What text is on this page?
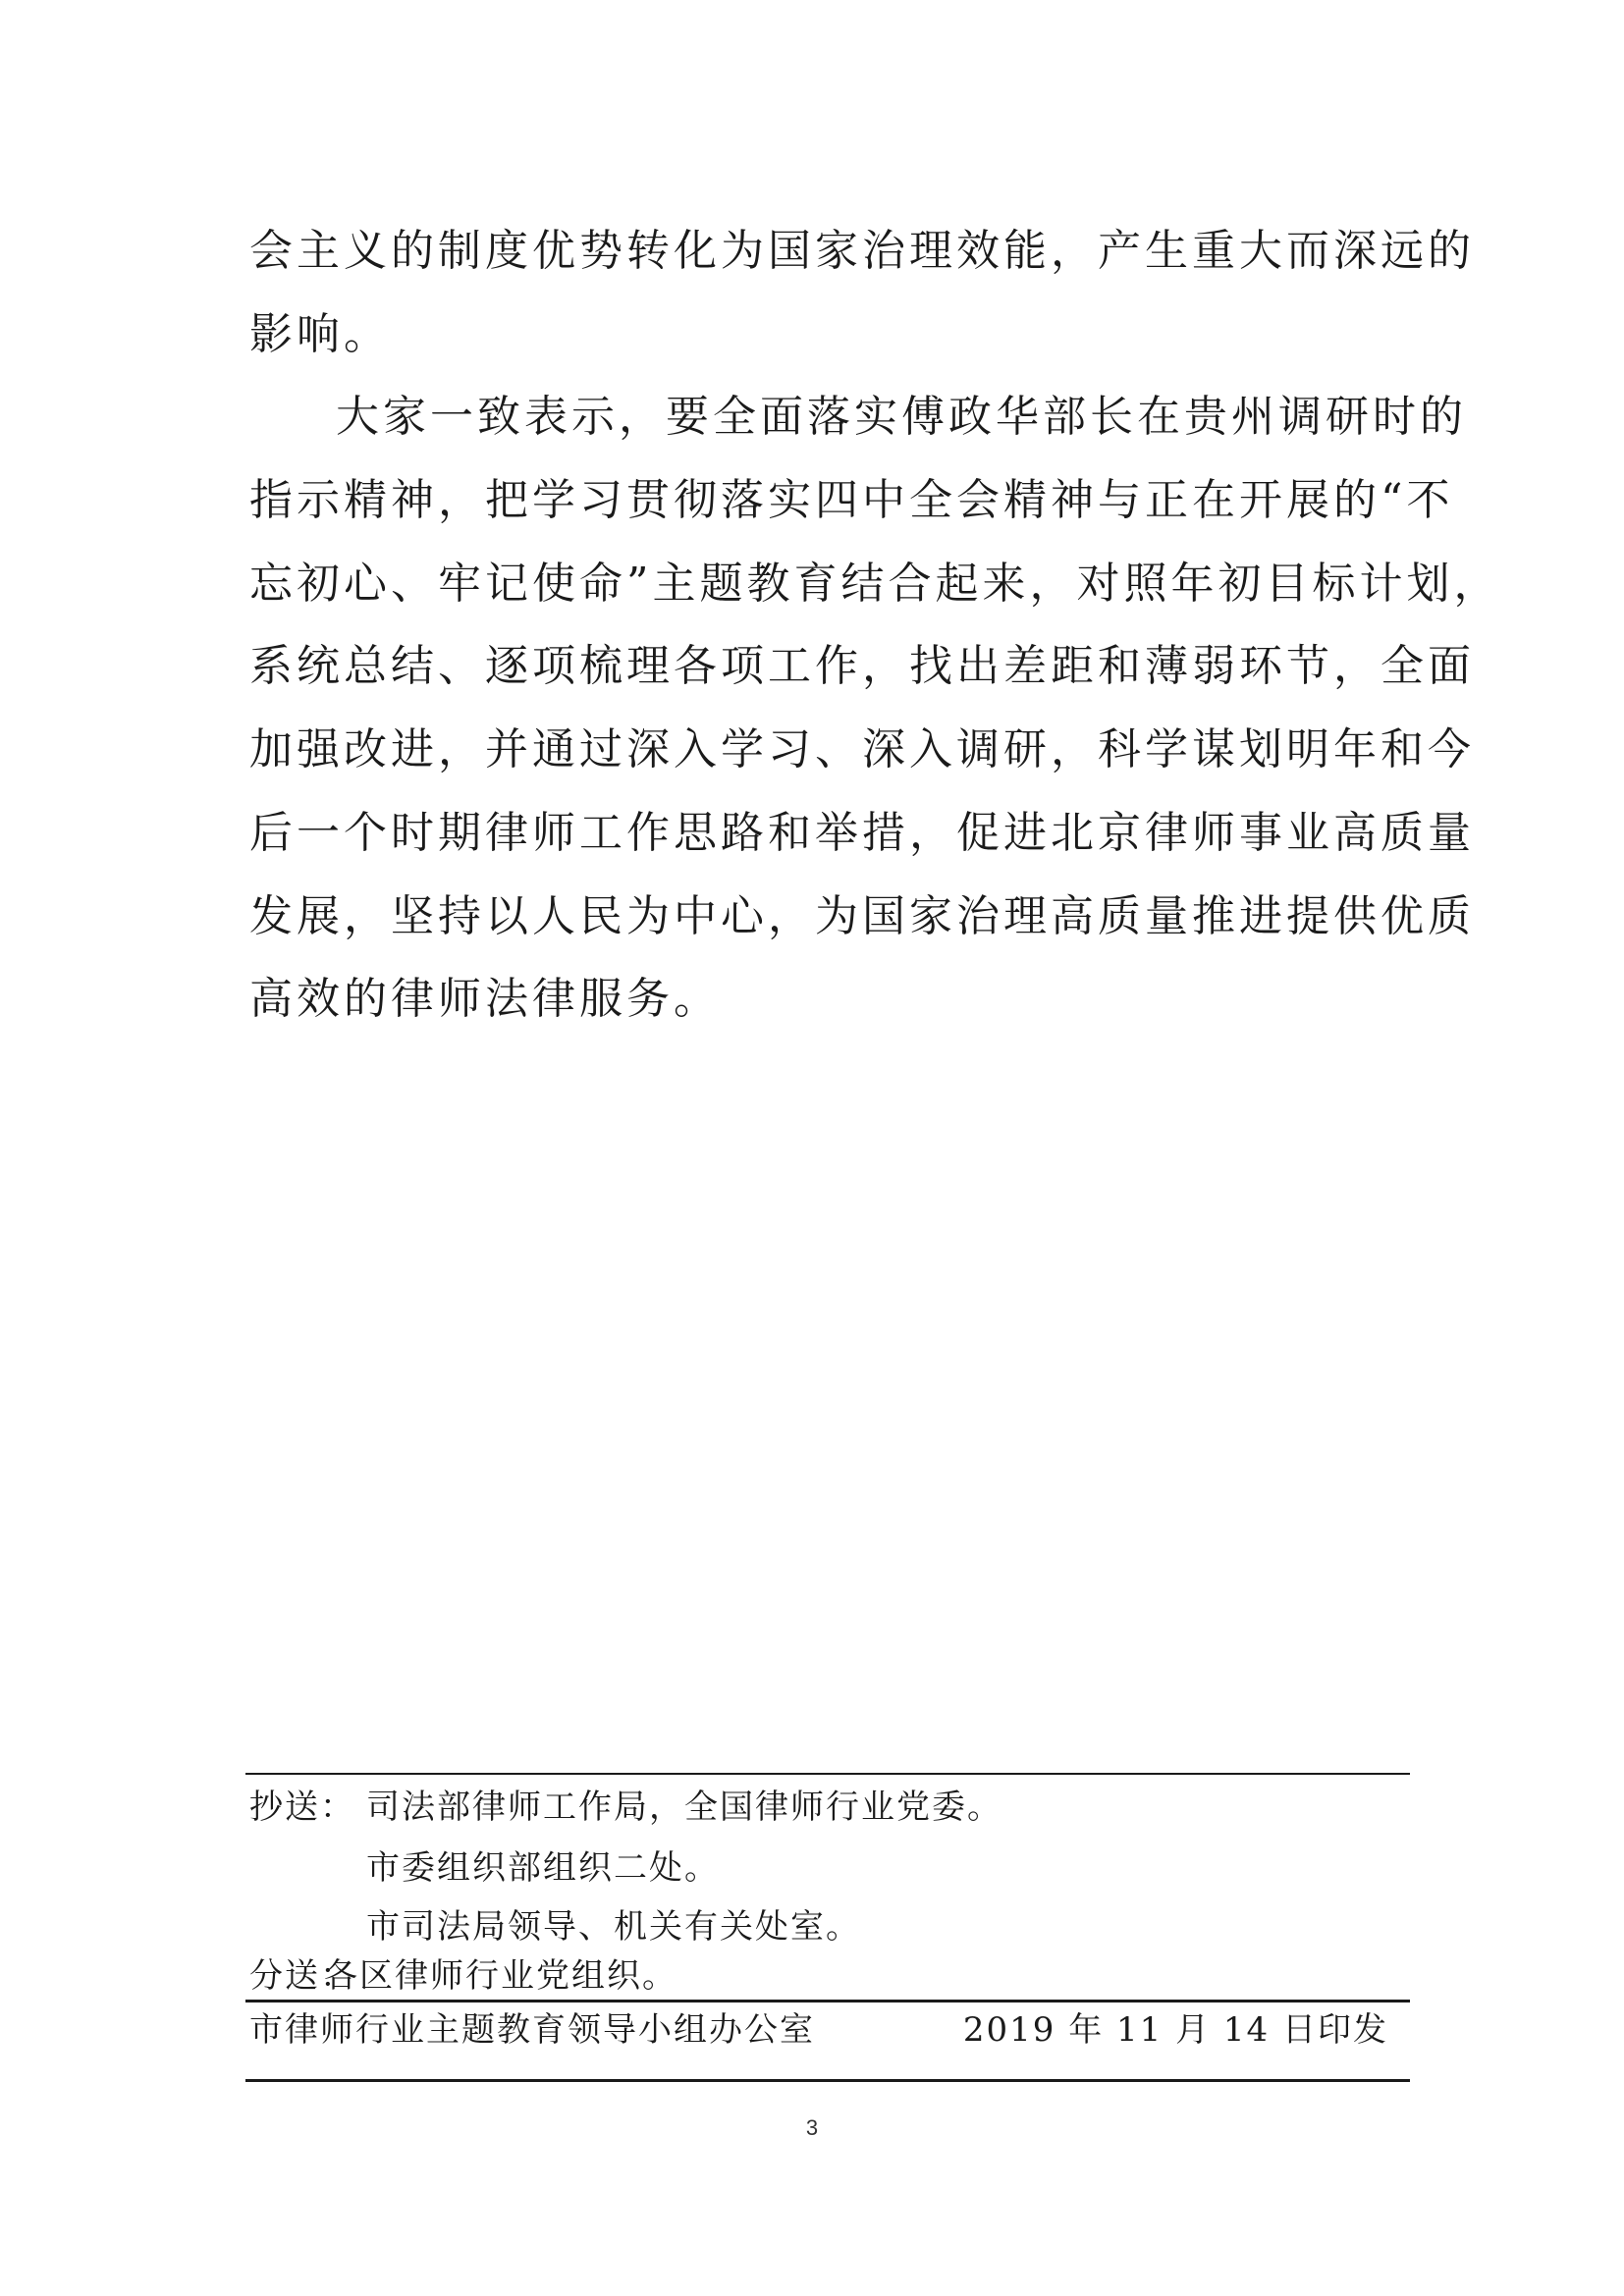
会主义的制度优势转化为国家治理效能，产生重大而深远的
影响。
大家一致表示，要全面落实傅政华部长在贵州调研时的
指示精神，把学习贯彻落实四中全会精神与正在开展的“不
忘初心、牢记使命”主题教育结合起来，对照年初目标计划，
系统总结、逐项梳理各项工作，找出差距和薄弱环节，全面
加强改进，并通过深入学习、深入调研，科学谋划明年和今
后一个时期律师工作思路和举措，促进北京律师事业高质量
发展，坚持以人民为中心，为国家治理高质量推进提供优质
高效的律师法律服务。
抄送： 司法部律师工作局，全国律师行业党委。
市委组织部组织二处。
市司法局领导、机关有关处室。
分送：
各区律师行业党组织。
市律师行业主题教育领导小组办公室	2019 年 11 月 14 日印发
3
